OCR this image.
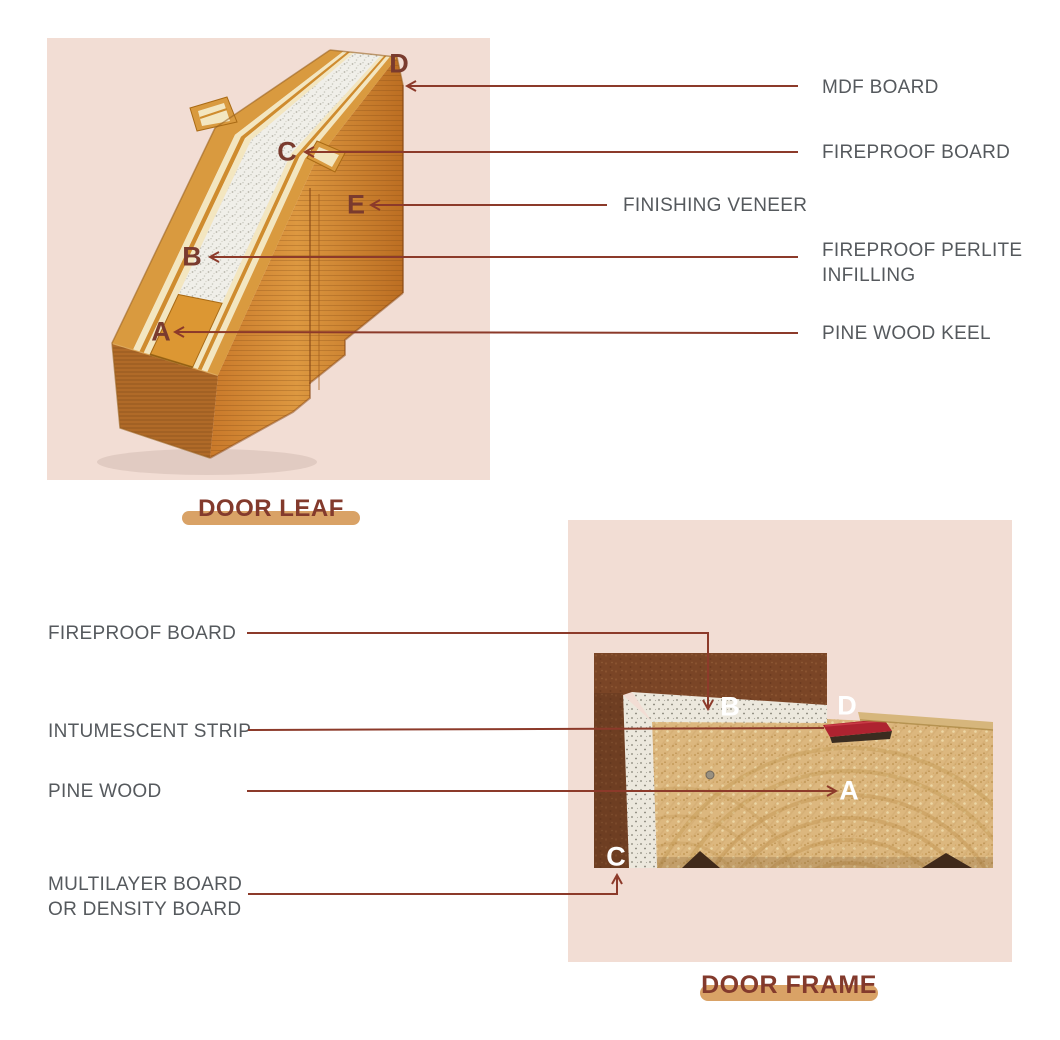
D
C
E
B
A
MDF BOARD
FIREPROOF BOARD
FINISHING VENEER
FIREPROOF PERLITE
INFILLING
PINE WOOD KEEL
DOOR LEAF
B	D
A
C
FIREPROOF BOARD
INTUMESCENT STRIP
PINE WOOD
MULTILAYER BOARD
OR DENSITY BOARD
DOOR FRAME
